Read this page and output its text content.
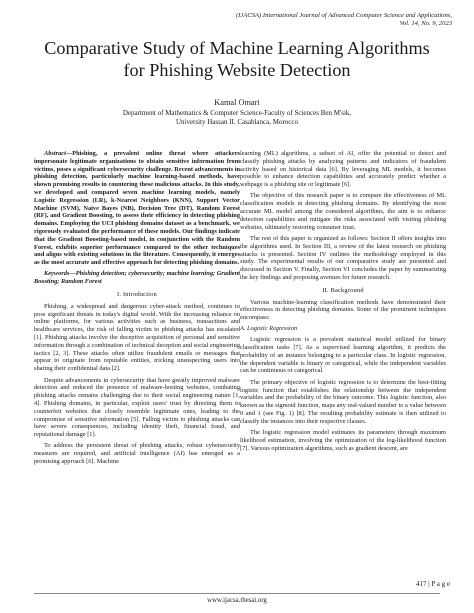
(IJACSA) International Journal of Advanced Computer Science and Applications,
Vol. 14, No. 9, 2023
Comparative Study of Machine Learning Algorithms
for Phishing Website Detection
Kamal Omari
Department of Mathematics & Computer Science-Faculty of Sciences Ben M'sik,
University Hassan II. Casablanca, Morocco

Abstract—Phishing, a prevalent online threat where attackers impersonate legitimate organizations to obtain sensitive information from victims, poses a significant cybersecurity challenge. Recent advancements in phishing detection, particularly machine learning-based methods, have shown promising results in countering these malicious attacks. In this study, we developed and compared seven machine learning models, namely Logistic Regression (LR), k-Nearest Neighbors (KNN), Support Vector Machine (SVM), Naive Bayes (NB), Decision Tree (DT), Random Forest (RF), and Gradient Boosting, to assess their efficiency in detecting phishing domains. Employing the UCI phishing domains dataset as a benchmark, we rigorously evaluated the performance of these models. Our findings indicate that the Gradient Boosting-based model, in conjunction with the Random Forest, exhibits superior performance compared to the other techniques and aligns with existing solutions in the literature. Consequently, it emerges as the most accurate and effective approach for detecting phishing domains.

Keywords—Phishing detection; cybersecurity; machine learning; Gradient Boosting; Random Forest

I. Introduction

Phishing, a widespread and dangerous cyber-attack method, continues to pose significant threats in today's digital world. With the increasing reliance on online platforms, for various activities such as business, transactions and healthcare services, the risk of falling victim to phishing attacks has escalated [1]. Phishing attacks involve the deceptive acquisition of personal and sensitive information through a combination of technical deception and social engineering tactics [2, 3]. These attacks often utilize fraudulent emails or messages that appear to originate from reputable entities, tricking unsuspecting users into sharing their confidential data [2].

Despite advancements in cybersecurity that have greatly improved malware detection and reduced the presence of malware-hosting websites, combating phishing attacks remains challenging due to their social engineering nature [1, 4]. Phishing domains, in particular, exploit users' trust by directing them to counterfeit websites that closely resemble legitimate ones, leading to the compromise of sensitive information [5]. Falling victim to phishing attacks can have severe consequences, including identity theft, financial fraud, and reputational damage [1].

To address the persistent threat of phishing attacks, robust cybersecurity measures are required, and artificial intelligence (AI) has emerged as a promising approach [6]. Machine

learning (ML) algorithms, a subset of AI, offer the potential to detect and classify phishing attacks by analyzing patterns and indicators of fraudulent activity based on historical data [6]. By leveraging ML models, it becomes possible to enhance detection capabilities and accurately predict whether a webpage is a phishing site or legitimate [6].

The objective of this research paper is to compare the effectiveness of ML classification models in detecting phishing domains. By identifying the most accurate ML model among the considered algorithms, the aim is to enhance detection capabilities and mitigate the risks associated with visiting phishing websites, ultimately restoring consumer trust.

The rest of this paper is organized as follows: Section II offers insights into the algorithms used. In Section III, a review of the latest research on phishing attacks is presented. Section IV outlines the methodology employed in this study. The experimental results of our comparative study are presented and discussed in Section V. Finally, Section VI concludes the paper by summarizing the key findings and proposing avenues for future research.

II. Background

Various machine-learning classification methods have demonstrated their effectiveness in detecting phishing domains. Some of the prominent techniques encompass:

A. Logistic Regression

Logistic regression is a prevalent statistical model utilized for binary classification tasks [7]. As a supervised learning algorithm, it predicts the probability of an instance belonging to a particular class. In logistic regression, the dependent variable is binary or categorical, while the independent variables can be continuous or categorical.

The primary objective of logistic regression is to determine the best-fitting logistic function that establishes the relationship between the independent variables and the probability of the binary outcome. This logistic function, also known as the sigmoid function, maps any real-valued number to a value between 0 and 1 (see Fig. 1) [8]. The resulting probability estimate is then utilized to classify the instances into their respective classes.

The logistic regression model estimates its parameters through maximum likelihood estimation, involving the optimization of the log-likelihood function [7]. Various optimization algorithms, such as gradient descent, are

417 | P a g e
www.ijacsa.thesai.org
